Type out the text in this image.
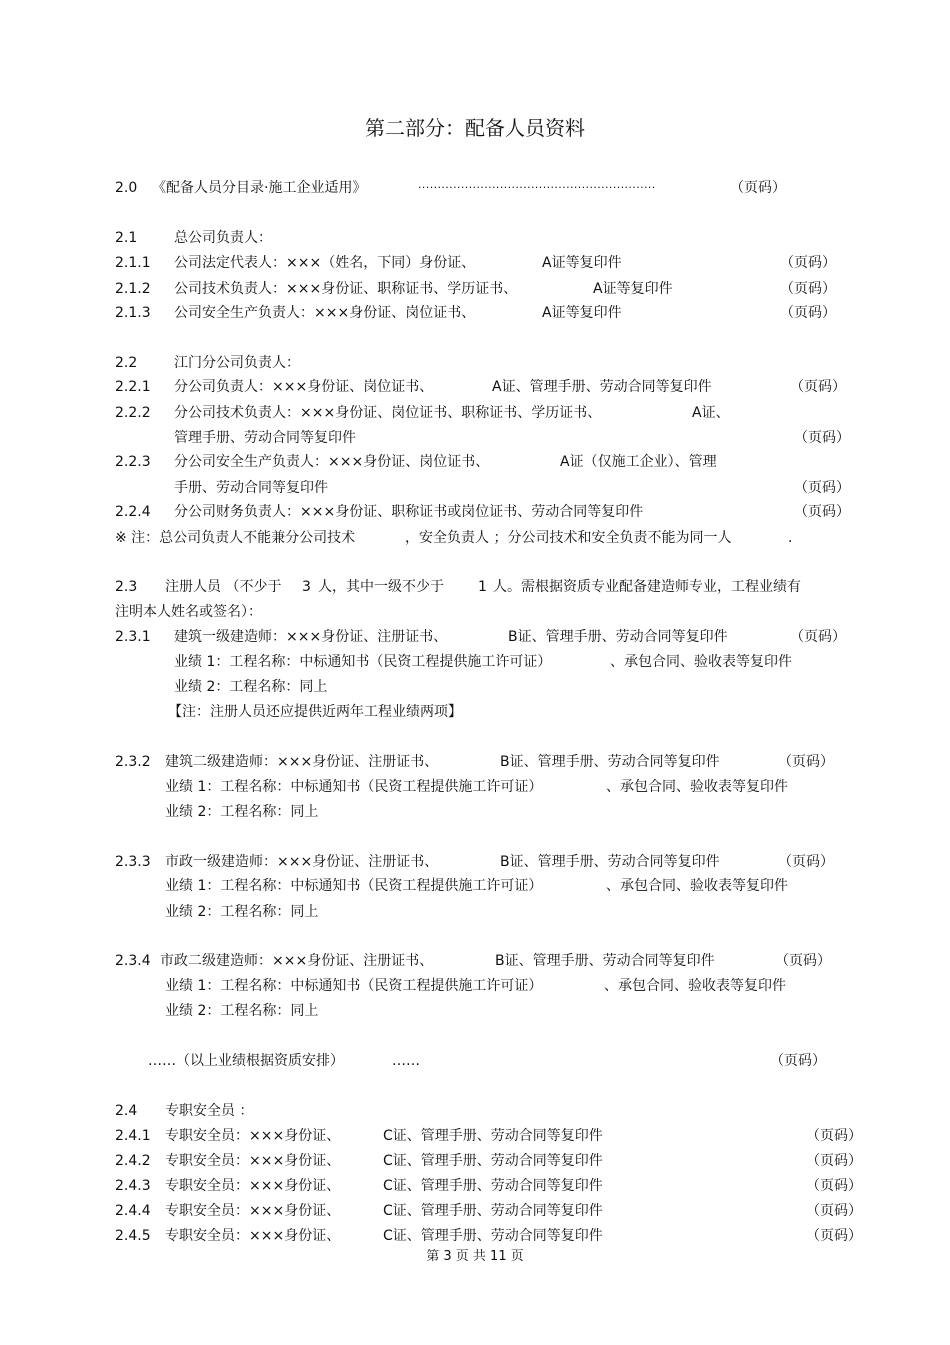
第二部分：配备人员资料
2.0 《配备人员分目录·施工企业适用》	·····························································	（页码）
2.1	总公司负责人：
2.1.1 公司法定代表人：×××（姓名，下同）身份证、	A证等复印件	（页码）
2.1.2 公司技术负责人：×××身份证、职称证书、学历证书、	A证等复印件	（页码）
2.1.3 公司安全生产负责人：×××身份证、岗位证书、	A证等复印件	（页码）
2.2	江门分公司负责人：
2.2.1 分公司负责人：×××身份证、岗位证书、	A证、管理手册、劳动合同等复印件	（页码）
2.2.2 分公司技术负责人：×××身份证、岗位证书、职称证书、学历证书、	A证、
管理手册、劳动合同等复印件	（页码）
2.2.3 分公司安全生产负责人：×××身份证、岗位证书、	A证（仅施工企业）、管理
手册、劳动合同等复印件	（页码）
2.2.4 分公司财务负责人：×××身份证、职称证书或岗位证书、劳动合同等复印件	（页码）
※ 注：总公司负责人不能兼分公司技术	，安全负责人 ；分公司技术和安全负责不能为同一人	.
2.3 注册人员 （不少于 3 人，其中一级不少于 1 人。需根据资质专业配备建造师专业，工程业绩有
注明本人姓名或签名）：
2.3.1 建筑一级建造师：×××身份证、注册证书、	B证、管理手册、劳动合同等复印件	（页码）
业绩 1：工程名称：中标通知书（民资工程提供施工许可证）	、承包合同、验收表等复印件
业绩 2：工程名称：同上
【注：注册人员还应提供近两年工程业绩两项】
2.3.2 建筑二级建造师：×××身份证、注册证书、	B证、管理手册、劳动合同等复印件	（页码）
业绩 1：工程名称：中标通知书（民资工程提供施工许可证）	、承包合同、验收表等复印件
业绩 2：工程名称：同上
2.3.3 市政一级建造师：×××身份证、注册证书、	B证、管理手册、劳动合同等复印件	（页码）
业绩 1：工程名称：中标通知书（民资工程提供施工许可证）	、承包合同、验收表等复印件
业绩 2：工程名称：同上
2.3.4 市政二级建造师：×××身份证、注册证书、	B证、管理手册、劳动合同等复印件	（页码）
业绩 1：工程名称：中标通知书（民资工程提供施工许可证）	、承包合同、验收表等复印件
业绩 2：工程名称：同上
……（以上业绩根据资质安排）	……	（页码）
2.4 专职安全员 ：
2.4.1 专职安全员：×××身份证、	C证、管理手册、劳动合同等复印件	（页码）
2.4.2 专职安全员：×××身份证、	C证、管理手册、劳动合同等复印件	（页码）
2.4.3 专职安全员：×××身份证、	C证、管理手册、劳动合同等复印件	（页码）
2.4.4 专职安全员：×××身份证、	C证、管理手册、劳动合同等复印件	（页码）
2.4.5 专职安全员：×××身份证、	C证、管理手册、劳动合同等复印件	（页码）
第 3 页 共 11 页
